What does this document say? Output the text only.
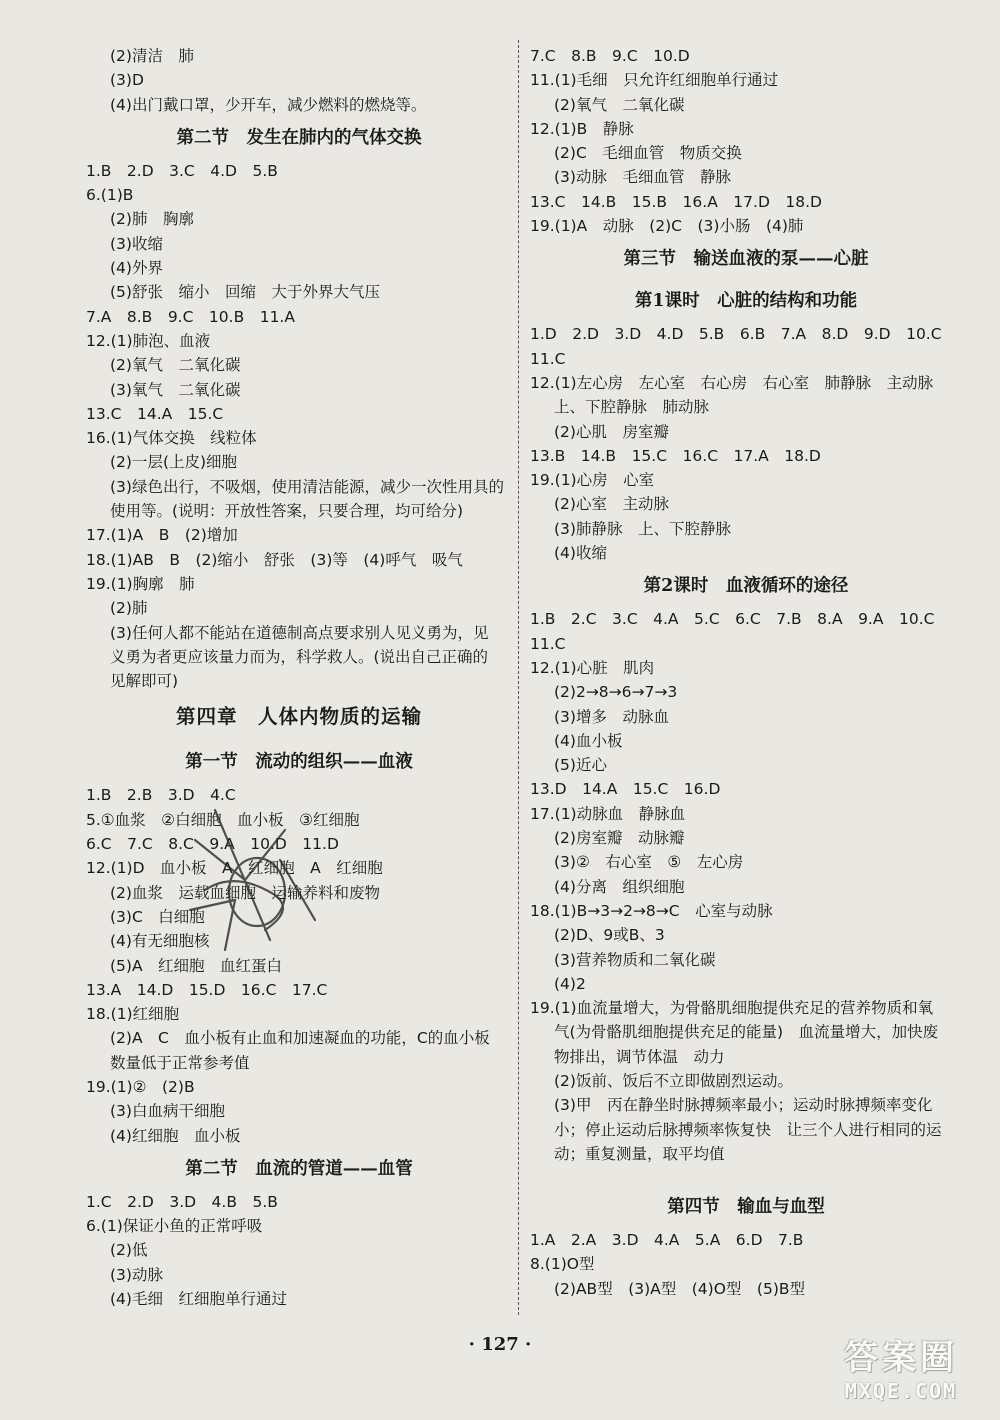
(2)清洁　肺
(3)D
(4)出门戴口罩，少开车，减少燃料的燃烧等。
第二节　发生在肺内的气体交换
1.B　2.D　3.C　4.D　5.B
6.(1)B
(2)肺　胸廓
(3)收缩
(4)外界
(5)舒张　缩小　回缩　大于外界大气压
7.A　8.B　9.C　10.B　11.A
12.(1)肺泡、血液
(2)氧气　二氧化碳
(3)氧气　二氧化碳
13.C　14.A　15.C
16.(1)气体交换　线粒体
(2)一层(上皮)细胞
(3)绿色出行，不吸烟，使用清洁能源，减少一次性用具的
使用等。(说明：开放性答案，只要合理，均可给分)
17.(1)A　B　(2)增加
18.(1)AB　B　(2)缩小　舒张　(3)等　(4)呼气　吸气
19.(1)胸廓　肺
(2)肺
(3)任何人都不能站在道德制高点要求别人见义勇为，见
义勇为者更应该量力而为，科学救人。(说出自己正确的
见解即可)
第四章　人体内物质的运输
第一节　流动的组织——血液
1.B　2.B　3.D　4.C
5.①血浆　②白细胞　血小板　③红细胞
6.C　7.C　8.C　9.A　10.D　11.D
12.(1)D　血小板　A　红细胞　A　红细胞
(2)血浆　运载血细胞　运输养料和废物
(3)C　白细胞
(4)有无细胞核
(5)A　红细胞　血红蛋白
13.A　14.D　15.D　16.C　17.C
18.(1)红细胞
(2)A　C　血小板有止血和加速凝血的功能，C的血小板
数量低于正常参考值
19.(1)②　(2)B
(3)白血病干细胞
(4)红细胞　血小板
第二节　血流的管道——血管
1.C　2.D　3.D　4.B　5.B
6.(1)保证小鱼的正常呼吸
(2)低
(3)动脉
(4)毛细　红细胞单行通过
7.C　8.B　9.C　10.D
11.(1)毛细　只允许红细胞单行通过
(2)氧气　二氧化碳
12.(1)B　静脉
(2)C　毛细血管　物质交换
(3)动脉　毛细血管　静脉
13.C　14.B　15.B　16.A　17.D　18.D
19.(1)A　动脉　(2)C　(3)小肠　(4)肺
第三节　输送血液的泵——心脏
第1课时　心脏的结构和功能
1.D　2.D　3.D　4.D　5.B　6.B　7.A　8.D　9.D　10.C
11.C
12.(1)左心房　左心室　右心房　右心室　肺静脉　主动脉
上、下腔静脉　肺动脉
(2)心肌　房室瓣
13.B　14.B　15.C　16.C　17.A　18.D
19.(1)心房　心室
(2)心室　主动脉
(3)肺静脉　上、下腔静脉
(4)收缩
第2课时　血液循环的途径
1.B　2.C　3.C　4.A　5.C　6.C　7.B　8.A　9.A　10.C
11.C
12.(1)心脏　肌肉
(2)2→8→6→7→3
(3)增多　动脉血
(4)血小板
(5)近心
13.D　14.A　15.C　16.D
17.(1)动脉血　静脉血
(2)房室瓣　动脉瓣
(3)②　右心室　⑤　左心房
(4)分离　组织细胞
18.(1)B→3→2→8→C　心室与动脉
(2)D、9或B、3
(3)营养物质和二氧化碳
(4)2
19.(1)血流量增大，为骨骼肌细胞提供充足的营养物质和氧
气(为骨骼肌细胞提供充足的能量)　血流量增大，加快废
物排出，调节体温　动力
(2)饭前、饭后不立即做剧烈运动。
(3)甲　丙在静坐时脉搏频率最小；运动时脉搏频率变化
小；停止运动后脉搏频率恢复快　让三个人进行相同的运
动；重复测量，取平均值
第四节　输血与血型
1.A　2.A　3.D　4.A　5.A　6.D　7.B
8.(1)O型
(2)AB型　(3)A型　(4)O型　(5)B型
· 127 ·	答案圈
MXQE.COM
